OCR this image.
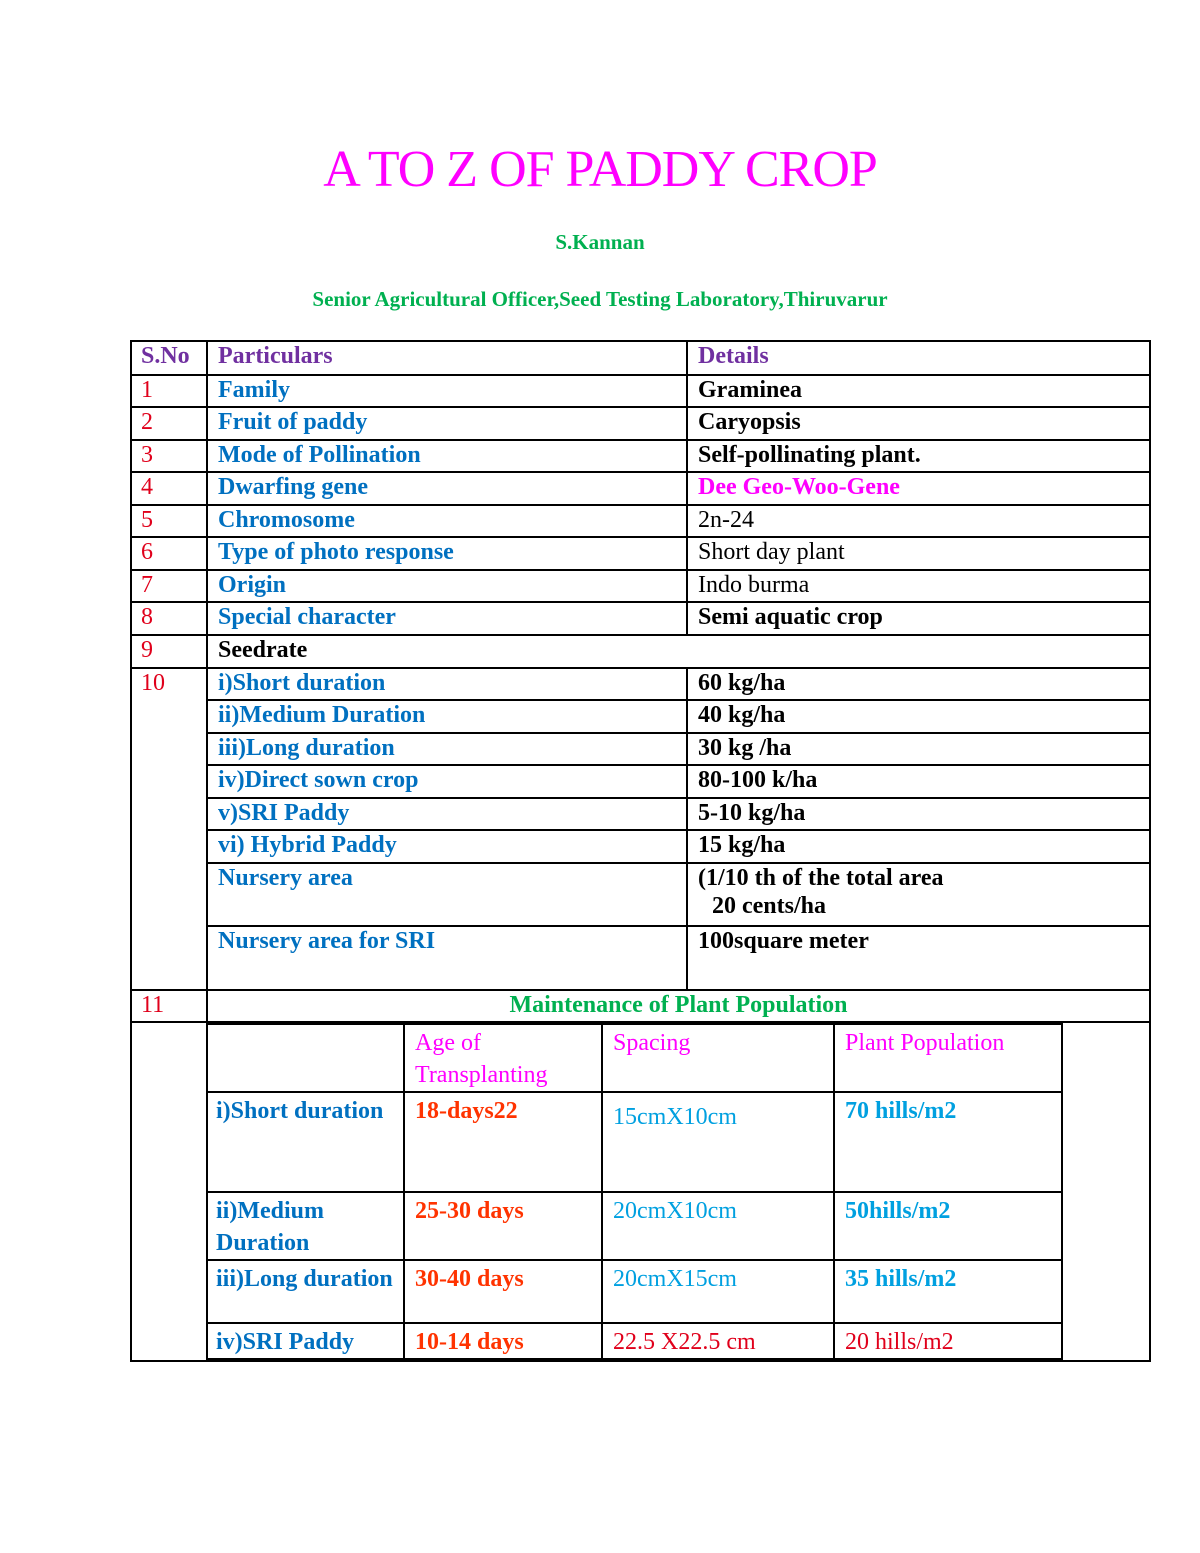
A TO Z OF PADDY CROP
S.Kannan
Senior Agricultural Officer,Seed Testing Laboratory,Thiruvarur
S.No	Particulars	Details
1	Family	Graminea
2	Fruit of paddy	Caryopsis
3	Mode of Pollination	Self-pollinating plant.
4	Dwarfing gene	Dee Geo-Woo-Gene
5	Chromosome	2n-24
6	Type of photo response	Short day plant
7	Origin	Indo burma
8	Special character	Semi aquatic crop
9	Seedrate
10	i)Short duration	60 kg/ha
ii)Medium Duration	40 kg/ha
iii)Long duration	30 kg /ha
iv)Direct sown crop	80-100 k/ha
v)SRI Paddy	5-10 kg/ha
vi) Hybrid Paddy	15 kg/ha
Nursery area	(1/10 th of the total area
20 cents/ha

Nursery area for SRI	100square meter
11	Maintenance of Plant Population

	Age of Transplanting	Spacing	Plant Population
i)Short duration	18-days22	15cmX10cm	70 hills/m2
ii)Medium Duration	25-30 days	20cmX10cm	50hills/m2
iii)Long duration	30-40 days	20cmX15cm	35 hills/m2
iv)SRI Paddy	10-14 days	22.5 X22.5 cm	20 hills/m2
